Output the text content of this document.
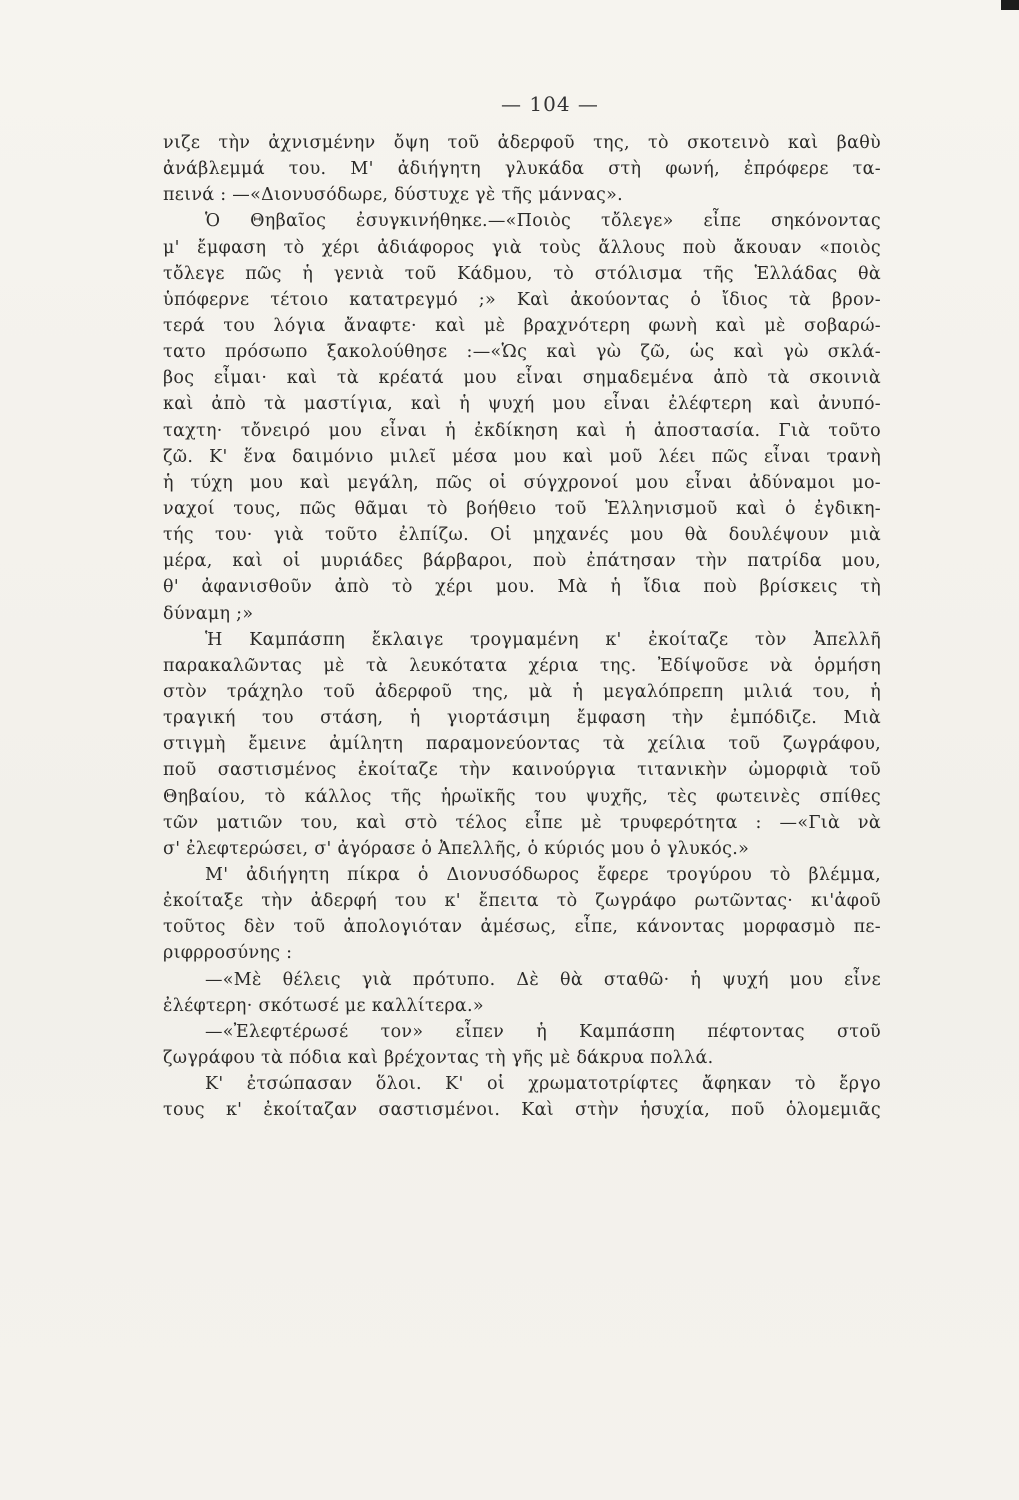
— 104 —
νιζε τὴν ἀχνισμένην ὄψη τοῦ ἀδερφοῦ της, τὸ σκοτεινὸ καὶ βαθὺ
ἀνάβλεμμά του. Μ' ἀδιήγητη γλυκάδα στὴ φωνή, ἐπρόφερε τα-
πεινά : —«Διονυσόδωρε, δύστυχε γὲ τῆς μάννας».
Ὁ Θηβαῖος ἐσυγκινήθηκε.—«Ποιὸς τὄλεγε» εἶπε σηκόνοντας
μ' ἔμφαση τὸ χέρι ἀδιάφορος γιὰ τοὺς ἄλλους ποὺ ἄκουαν «ποιὸς
τὄλεγε πῶς ἡ γενιὰ τοῦ Κάδμου, τὸ στόλισμα τῆς Ἑλλάδας θὰ
ὑπόφερνε τέτοιο κατατρεγμό ;» Καὶ ἀκούοντας ὁ ἴδιος τὰ βρον-
τερά του λόγια ἄναφτε· καὶ μὲ βραχνότερη φωνὴ καὶ μὲ σοβαρώ-
τατο πρόσωπο ξακολούθησε :—«Ὡς καὶ γὼ ζῶ, ὡς καὶ γὼ σκλά-
βος εἶμαι· καὶ τὰ κρέατά μου εἶναι σημαδεμένα ἀπὸ τὰ σκοινιὰ
καὶ ἀπὸ τὰ μαστίγια, καὶ ἡ ψυχή μου εἶναι ἐλέφτερη καὶ ἀνυπό-
ταχτη· τὄνειρό μου εἶναι ἡ ἐκδίκηση καὶ ἡ ἀποστασία. Γιὰ τοῦτο
ζῶ. Κ' ἕνα δαιμόνιο μιλεῖ μέσα μου καὶ μοῦ λέει πῶς εἶναι τρανὴ
ἡ τύχη μου καὶ μεγάλη, πῶς οἱ σύγχρονοί μου εἶναι ἀδύναμοι μο-
ναχοί τους, πῶς θᾶμαι τὸ βοήθειο τοῦ Ἑλληνισμοῦ καὶ ὁ ἐγδικη-
τής του· γιὰ τοῦτο ἐλπίζω. Οἱ μηχανές μου θὰ δουλέψουν μιὰ
μέρα, καὶ οἱ μυριάδες βάρβαροι, ποὺ ἐπάτησαν τὴν πατρίδα μου,
θ' ἀφανισθοῦν ἀπὸ τὸ χέρι μου. Μὰ ἡ ἴδια ποὺ βρίσκεις τὴ
δύναμη ;»
Ἡ Καμπάσπη ἔκλαιγε τρογμαμένη κ' ἐκοίταζε τὸν Ἀπελλῆ
παρακαλῶντας μὲ τὰ λευκότατα χέρια της. Ἐδίψοῦσε νὰ ὁρμήση
στὸν τράχηλο τοῦ ἀδερφοῦ της, μὰ ἡ μεγαλόπρεπη μιλιά του, ἡ
τραγική του στάση, ἡ γιορτάσιμη ἔμφαση τὴν ἐμπόδιζε. Μιὰ
στιγμὴ ἔμεινε ἀμίλητη παραμονεύοντας τὰ χείλια τοῦ ζωγράφου,
ποῦ σαστισμένος ἐκοίταζε τὴν καινούργια τιτανικὴν ὠμορφιὰ τοῦ
Θηβαίου, τὸ κάλλος τῆς ἡρωϊκῆς του ψυχῆς, τὲς φωτεινὲς σπίθες
τῶν ματιῶν του, καὶ στὸ τέλος εἶπε μὲ τρυφερότητα : —«Γιὰ νὰ
σ' ἐλεφτερώσει, σ' ἀγόρασε ὁ Ἀπελλῆς, ὁ κύριός μου ὁ γλυκός.»
Μ' ἀδιήγητη πίκρα ὁ Διονυσόδωρος ἔφερε τρογύρου τὸ βλέμμα,
ἐκοίταξε τὴν ἀδερφή του κ' ἔπειτα τὸ ζωγράφο ρωτῶντας· κι'ἀφοῦ
τοῦτος δὲν τοῦ ἀπολογιόταν ἀμέσως, εἶπε, κάνοντας μορφασμὸ πε-
ριφρροσύνης :
—«Μὲ θέλεις γιὰ πρότυπο. Δὲ θὰ σταθῶ· ἡ ψυχή μου εἶνε
ἐλέφτερη· σκότωσέ με καλλίτερα.»
—«Ἐλεφτέρωσέ τον» εἶπεν ἡ Καμπάσπη πέφτοντας στοῦ
ζωγράφου τὰ πόδια καὶ βρέχοντας τὴ γῆς μὲ δάκρυα πολλά.
Κ' ἐτσώπασαν ὅλοι. Κ' οἱ χρωματοτρίφτες ἄφηκαν τὸ ἔργο
τους κ' ἐκοίταζαν σαστισμένοι. Καὶ στὴν ἡσυχία, ποῦ ὁλομεμιᾶς
